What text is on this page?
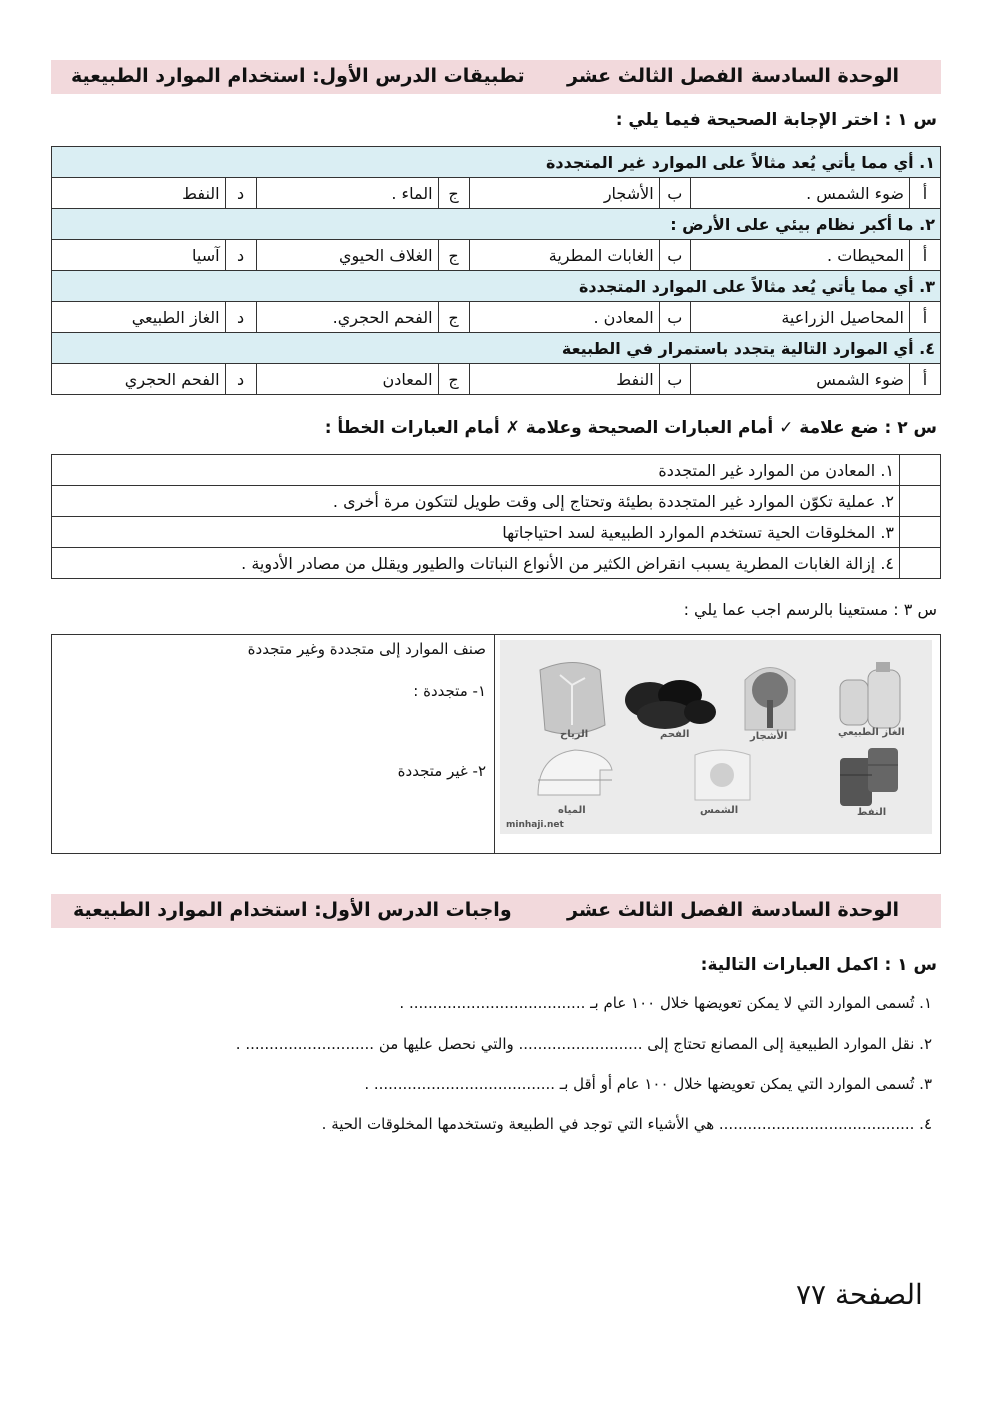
الوحدة السادسة
الفصل الثالث عشر
تطبيقات الدرس الأول: استخدام الموارد الطبيعية
س ١ : اختر الإجابة الصحيحة فيما يلي :
١. أي مما يأتي يُعد مثالاً على الموارد غير المتجددة							
أ	ضوء الشمس .	ب	الأشجار	ج	الماء .	د	النفط
٢. ما أكبر نظام بيئي على الأرض :							
أ	المحيطات .	ب	الغابات المطرية	ج	الغلاف الحيوي	د	آسيا
٣. أي مما يأتي يُعد مثالاً على الموارد المتجددة							
أ	المحاصيل الزراعية	ب	المعادن .	ج	الفحم الحجري.	د	الغاز الطبيعي
٤. أي الموارد التالية يتجدد باستمرار في الطبيعة							
أ	ضوء الشمس	ب	النفط	ج	المعادن	د	الفحم الحجري
س ٢ : ضع علامة ✓ أمام العبارات الصحيحة وعلامة ✗ أمام العبارات الخطأ :
	١. المعادن من الموارد غير المتجددة
	٢. عملية تكوّن الموارد غير المتجددة بطيئة وتحتاج إلى وقت طويل لتتكون مرة أخرى .
	٣. المخلوقات الحية تستخدم الموارد الطبيعية لسد احتياجاتها
	٤. إزالة الغابات المطرية يسبب انقراض الكثير من الأنواع النباتات والطيور ويقلل من مصادر الأدوية .
س ٣ : مستعينا بالرسم اجب عما يلي :
صنف الموارد إلى متجددة وغير متجددة
١- متجددة :
٢- غير متجددة
الرياح	الفحم	الأشجار	الغاز الطبيعي
المياه	الشمس	النفط
minhaji.net
الوحدة السادسة
الفصل الثالث عشر
واجبات الدرس الأول: استخدام الموارد الطبيعية
س ١ : اكمل العبارات التالية:
١. تُسمى الموارد التي لا يمكن تعويضها خلال ١٠٠ عام بـ ..................................... .
٢. نقل الموارد الطبيعية إلى المصانع تحتاج إلى .......................... والتي نحصل عليها من ........................... .
٣. تُسمى الموارد التي يمكن تعويضها خلال ١٠٠ عام أو أقل بـ ...................................... .
٤. ......................................... هي الأشياء التي توجد في الطبيعة وتستخدمها المخلوقات الحية .
الصفحة ٧٧
